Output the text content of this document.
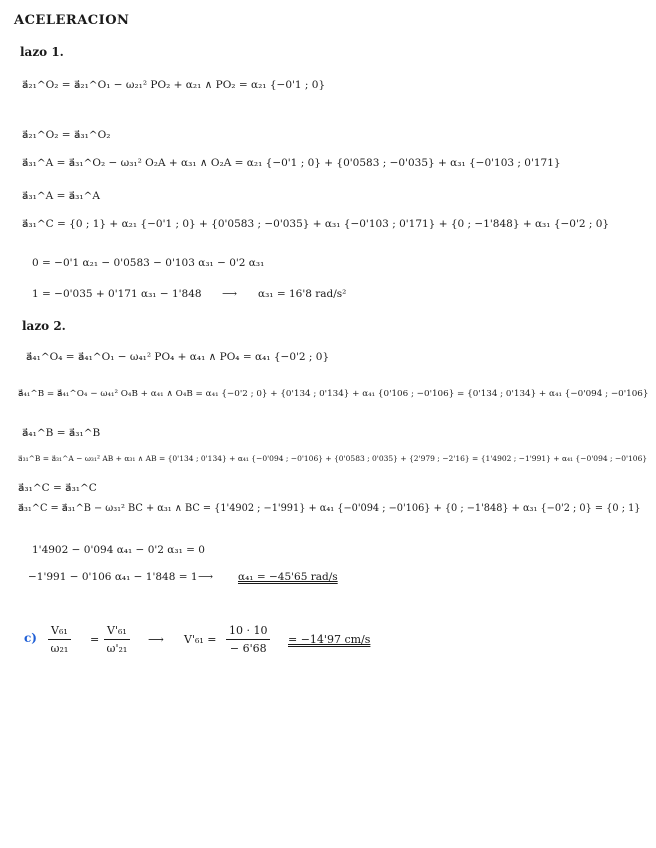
ACELERACION
lazo 1.
a⃗₂₁^O₂ = a⃗₂₁^O₁ − ω₂₁² PO₂ + α₂₁ ∧ PO₂ = α₂₁ {−0'1 ; 0}
a⃗₂₁^O₂ = a⃗₃₁^O₂
a⃗₃₁^A = a⃗₃₁^O₂ − ω₃₁² O₂A + α₃₁ ∧ O₂A = α₂₁ {−0'1 ; 0} + {0'0583 ; −0'035} + α₃₁ {−0'103 ; 0'171}
a⃗₃₁^A = a⃗₃₁^A
a⃗₃₁^C = {0 ; 1} + α₂₁ {−0'1 ; 0} + {0'0583 ; −0'035} + α₃₁ {−0'103 ; 0'171} + {0 ; −1'848} + α₃₁ {−0'2 ; 0}
0 = −0'1 α₂₁ − 0'0583 − 0'103 α₃₁ − 0'2 α₃₁
1 = −0'035 + 0'171 α₃₁ − 1'848 ⟶ α₃₁ = 16'8 rad/s²
lazo 2.
a⃗₄₁^O₄ = a⃗₄₁^O₁ − ω₄₁² PO₄ + α₄₁ ∧ PO₄ = α₄₁ {−0'2 ; 0}
a⃗₄₁^B = a⃗₄₁^O₄ − ω₄₁² O₄B + α₄₁ ∧ O₄B = α₄₁ {−0'2 ; 0} + {0'134 ; 0'134} + α₄₁ {0'106 ; −0'106} = {0'134 ; 0'134} + α₄₁ {−0'094 ; −0'106}
a⃗₄₁^B = a⃗₃₁^B
a⃗₃₁^B = a⃗₃₁^A − ω₃₁² AB + α₃₁ ∧ AB = {0'134 ; 0'134} + α₄₁ {−0'094 ; −0'106} + {0'0583 ; 0'035} + {2'979 ; −2'16} = {1'4902 ; −1'991} + α₄₁ {−0'094 ; −0'106}
a⃗₃₁^C = a⃗₃₁^C
a⃗₃₁^C = a⃗₃₁^B − ω₃₁² BC + α₃₁ ∧ BC = {1'4902 ; −1'991} + α₄₁ {−0'094 ; −0'106} + {0 ; −1'848} + α₃₁ {−0'2 ; 0} = {0 ; 1}
1'4902 − 0'094 α₄₁ − 0'2 α₃₁ = 0
−1'991 − 0'106 α₄₁ − 1'848 = 1 ⟶ α₄₁ = −45'65 rad/s
$c) \frac{\text{V₆₁}}{\text{ω₂₁}} = \frac{\text{V'₆₁}}{\text{ω'₂₁}}$ ⟶ $V'_{61} = \frac{10 \cdot 10}{- 6'68} = -14'97$ cm/s
